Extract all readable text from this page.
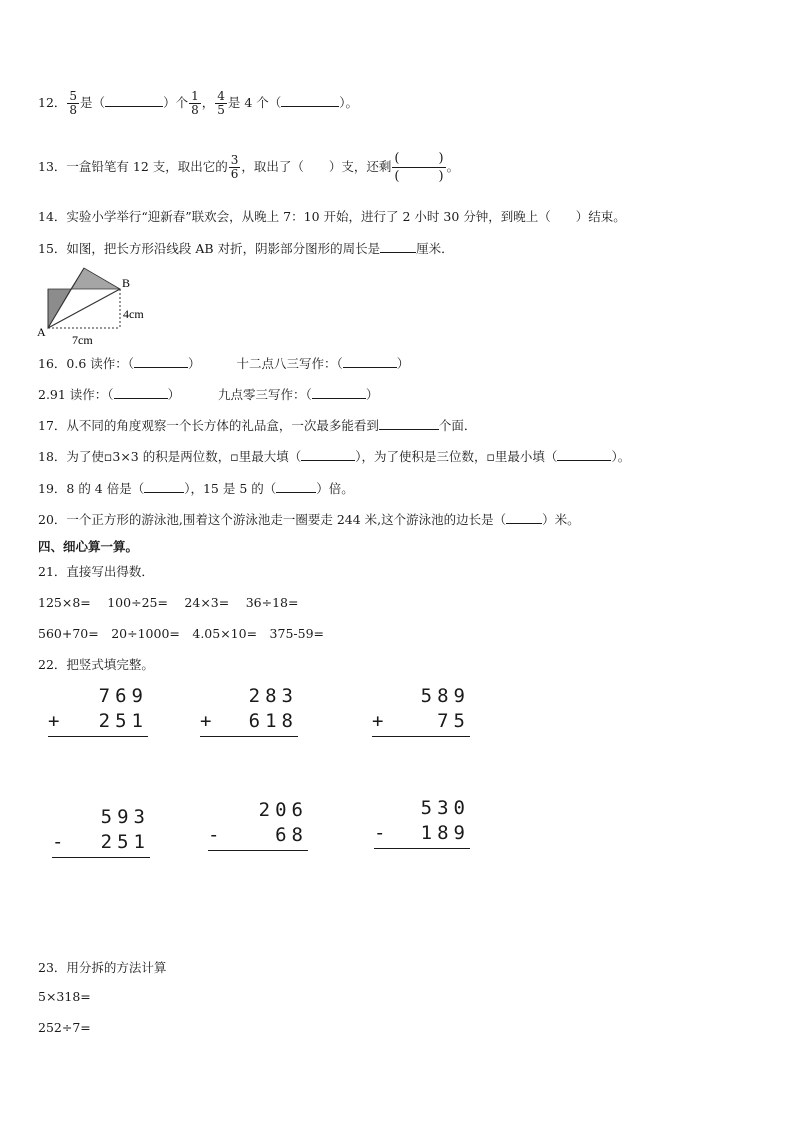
12． $\frac{5}{8}$ 是（	）个 $\frac{1}{8}$ ， $\frac{4}{5}$ 是 4 个（	）。
13．一盒铅笔有 12 支，取出它的 $\frac{3}{6}$ ，取出了（　　）支，还剩 $\frac{( )}{( )}$ 。
14．实验小学举行“迎新春”联欢会，从晚上 7：10 开始，进行了 2 小时 30 分钟，到晚上（　　）结束。
15．如图，把长方形沿线段 AB 对折，阴影部分图形的周长是	厘米．
A
B
4cm
7cm
16．0.6 读作：（	）	十二点八三写作：（	）
2.91 读作：（	）	九点零三写作：（	）
17．从不同的角度观察一个长方体的礼品盒，一次最多能看到	个面．
18．为了使▫3×3 的积是两位数，▫里最大填（	），为了使积是三位数，▫里最小填（	）。
19．8 的 4 倍是（	），15 是 5 的（	）倍。
20．一个正方形的游泳池,围着这个游泳池走一圈要走 244 米,这个游泳池的边长是（	）米。
四、细心算一算。
21．直接写出得数．
125×8=　 100÷25=　 24×3=　 36÷18=
560+70=　20÷1000=　4.05×10=　375-59=
22．把竖式填完整。
769
+ 251
283
+ 618
589
+	75
593
- 251
206
-	68
530
- 189
23．用分拆的方法计算
5×318=
252÷7=
